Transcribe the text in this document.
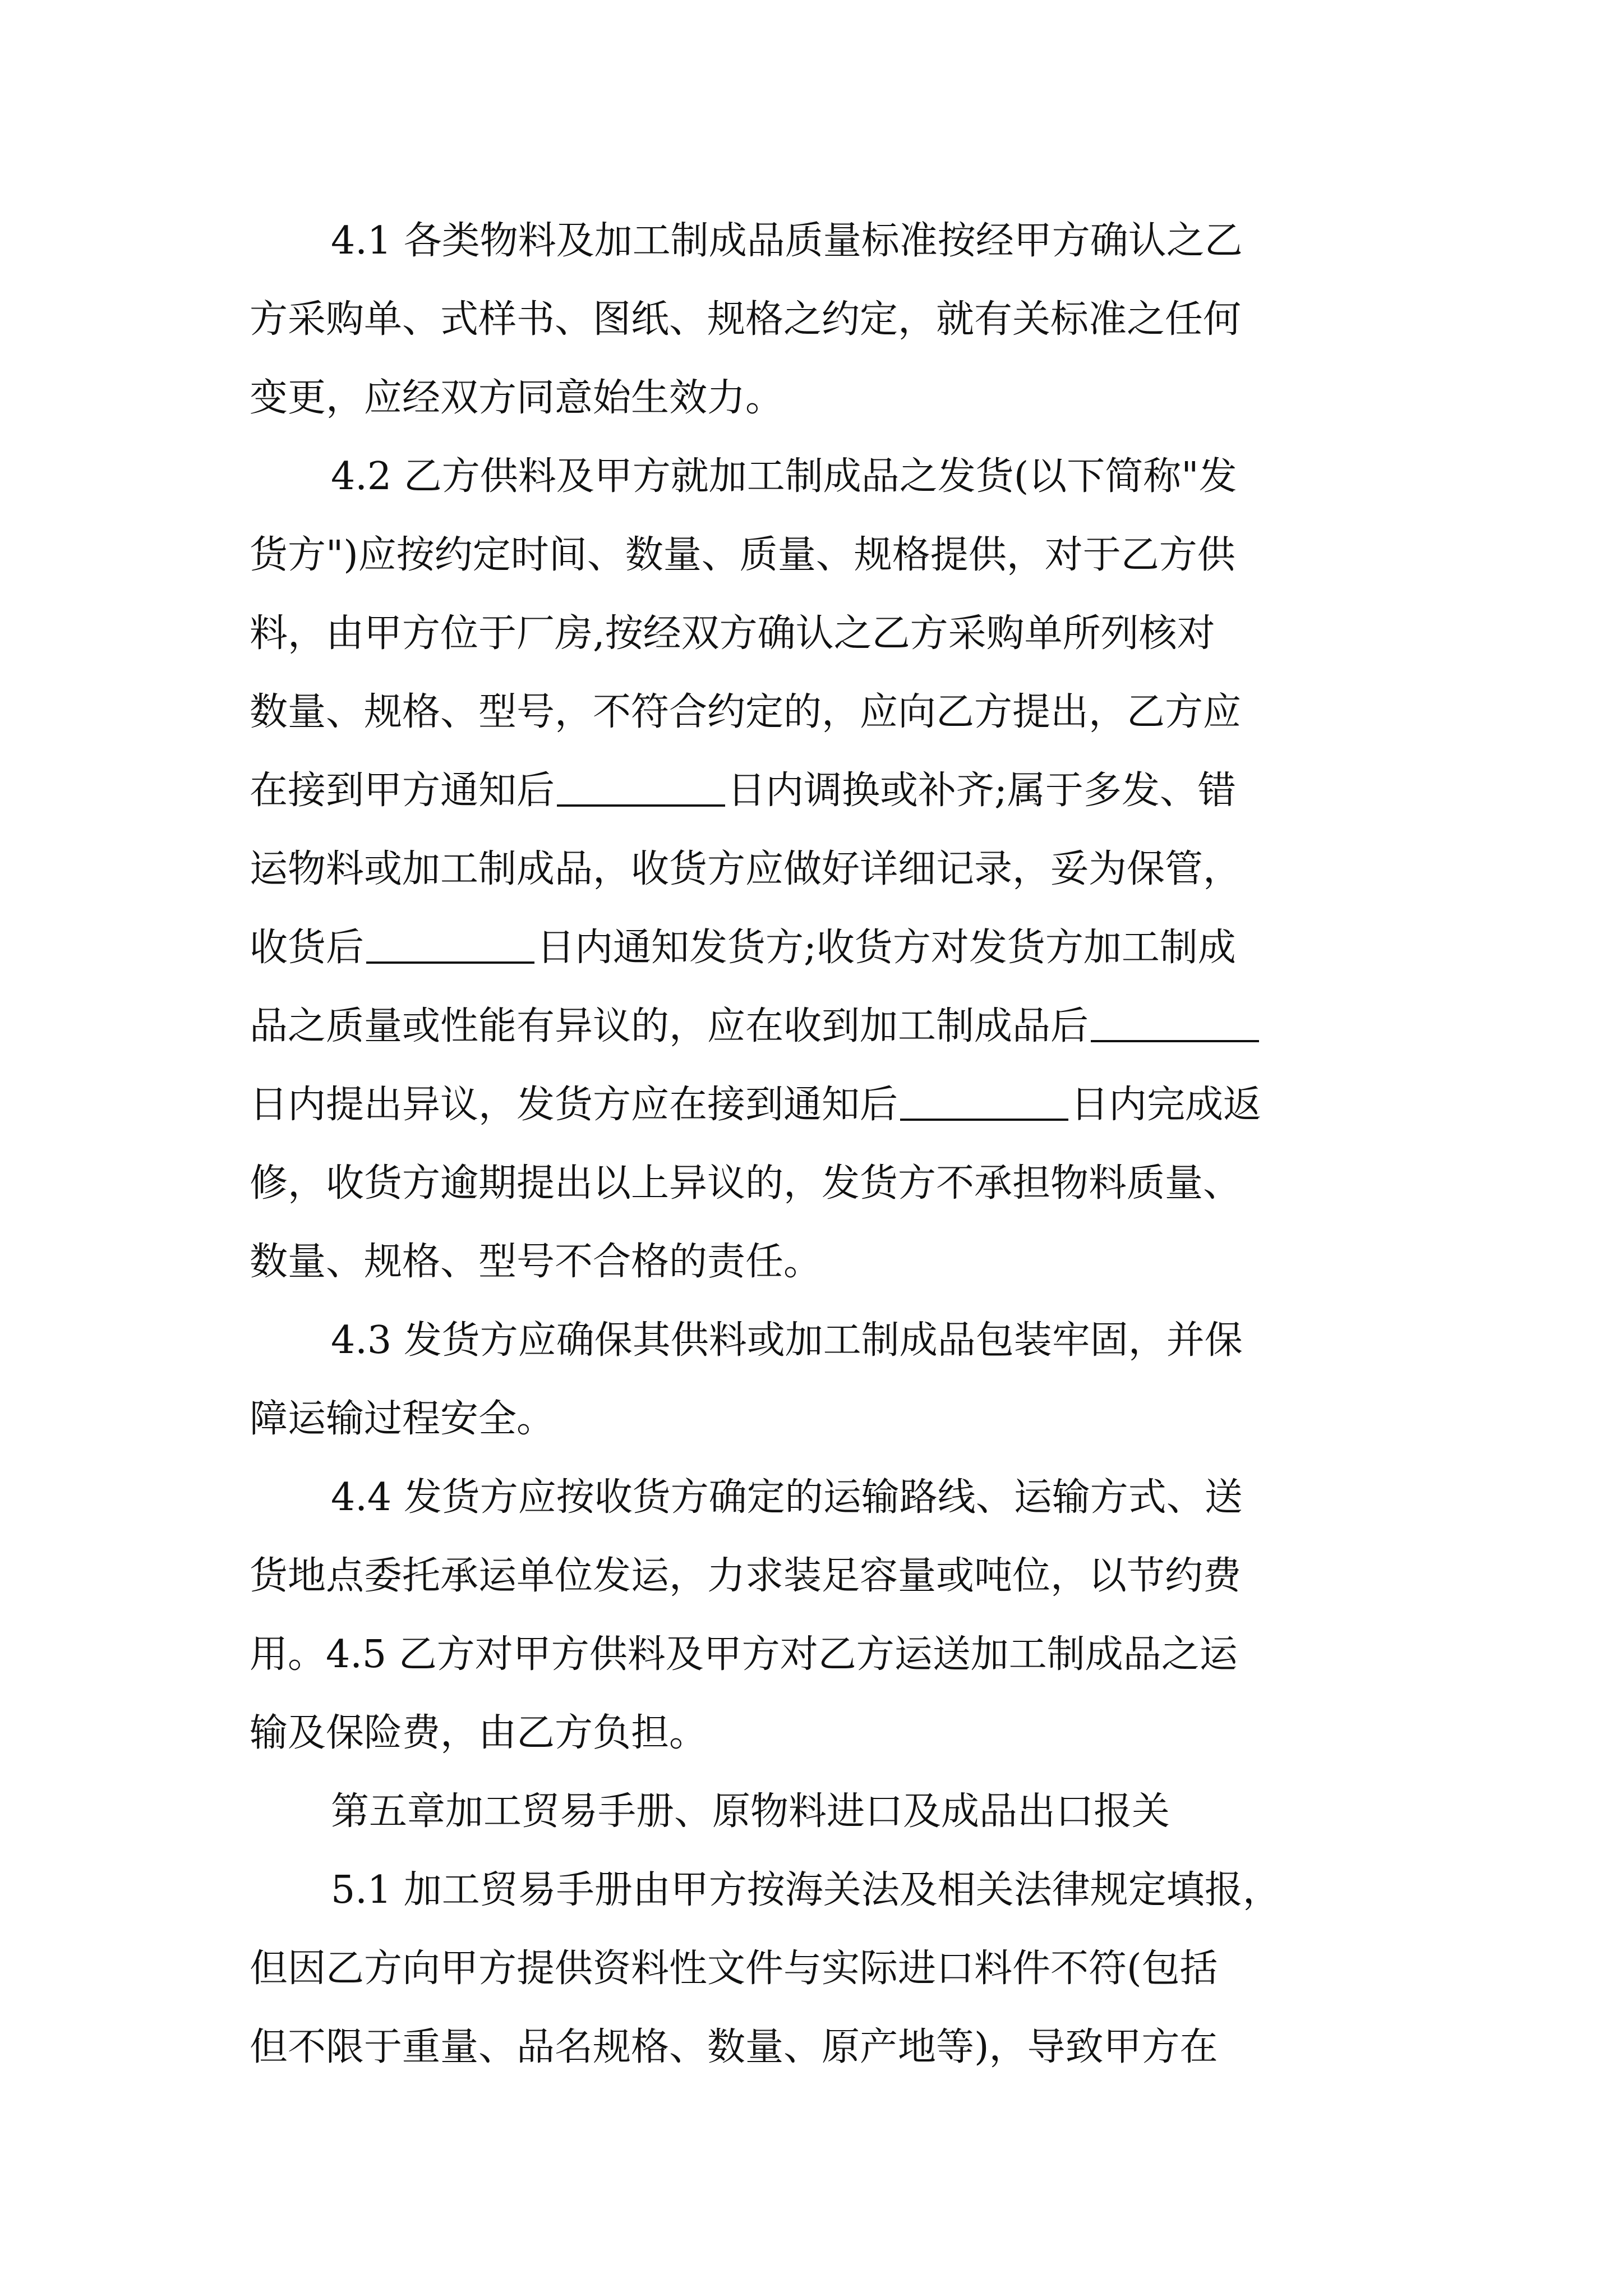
4.1 各类物料及加工制成品质量标准按经甲方确认之乙
方采购单、式样书、图纸、规格之约定，就有关标准之任何
变更，应经双方同意始生效力。
4.2 乙方供料及甲方就加工制成品之发货(以下简称"发
货方")应按约定时间、数量、质量、规格提供，对于乙方供
料，由甲方位于厂房,按经双方确认之乙方采购单所列核对
数量、规格、型号，不符合约定的，应向乙方提出，乙方应
在接到甲方通知后	日内调换或补齐;属于多发、错
运物料或加工制成品，收货方应做好详细记录，妥为保管，
收货后	日内通知发货方;收货方对发货方加工制成
品之质量或性能有异议的，应在收到加工制成品后
日内提出异议，发货方应在接到通知后	日内完成返
修，收货方逾期提出以上异议的，发货方不承担物料质量、
数量、规格、型号不合格的责任。
4.3 发货方应确保其供料或加工制成品包装牢固，并保
障运输过程安全。
4.4 发货方应按收货方确定的运输路线、运输方式、送
货地点委托承运单位发运，力求装足容量或吨位，以节约费
用。4.5 乙方对甲方供料及甲方对乙方运送加工制成品之运
输及保险费，由乙方负担。
第五章加工贸易手册、原物料进口及成品出口报关
5.1 加工贸易手册由甲方按海关法及相关法律规定填报，
但因乙方向甲方提供资料性文件与实际进口料件不符(包括
但不限于重量、品名规格、数量、原产地等)，导致甲方在
